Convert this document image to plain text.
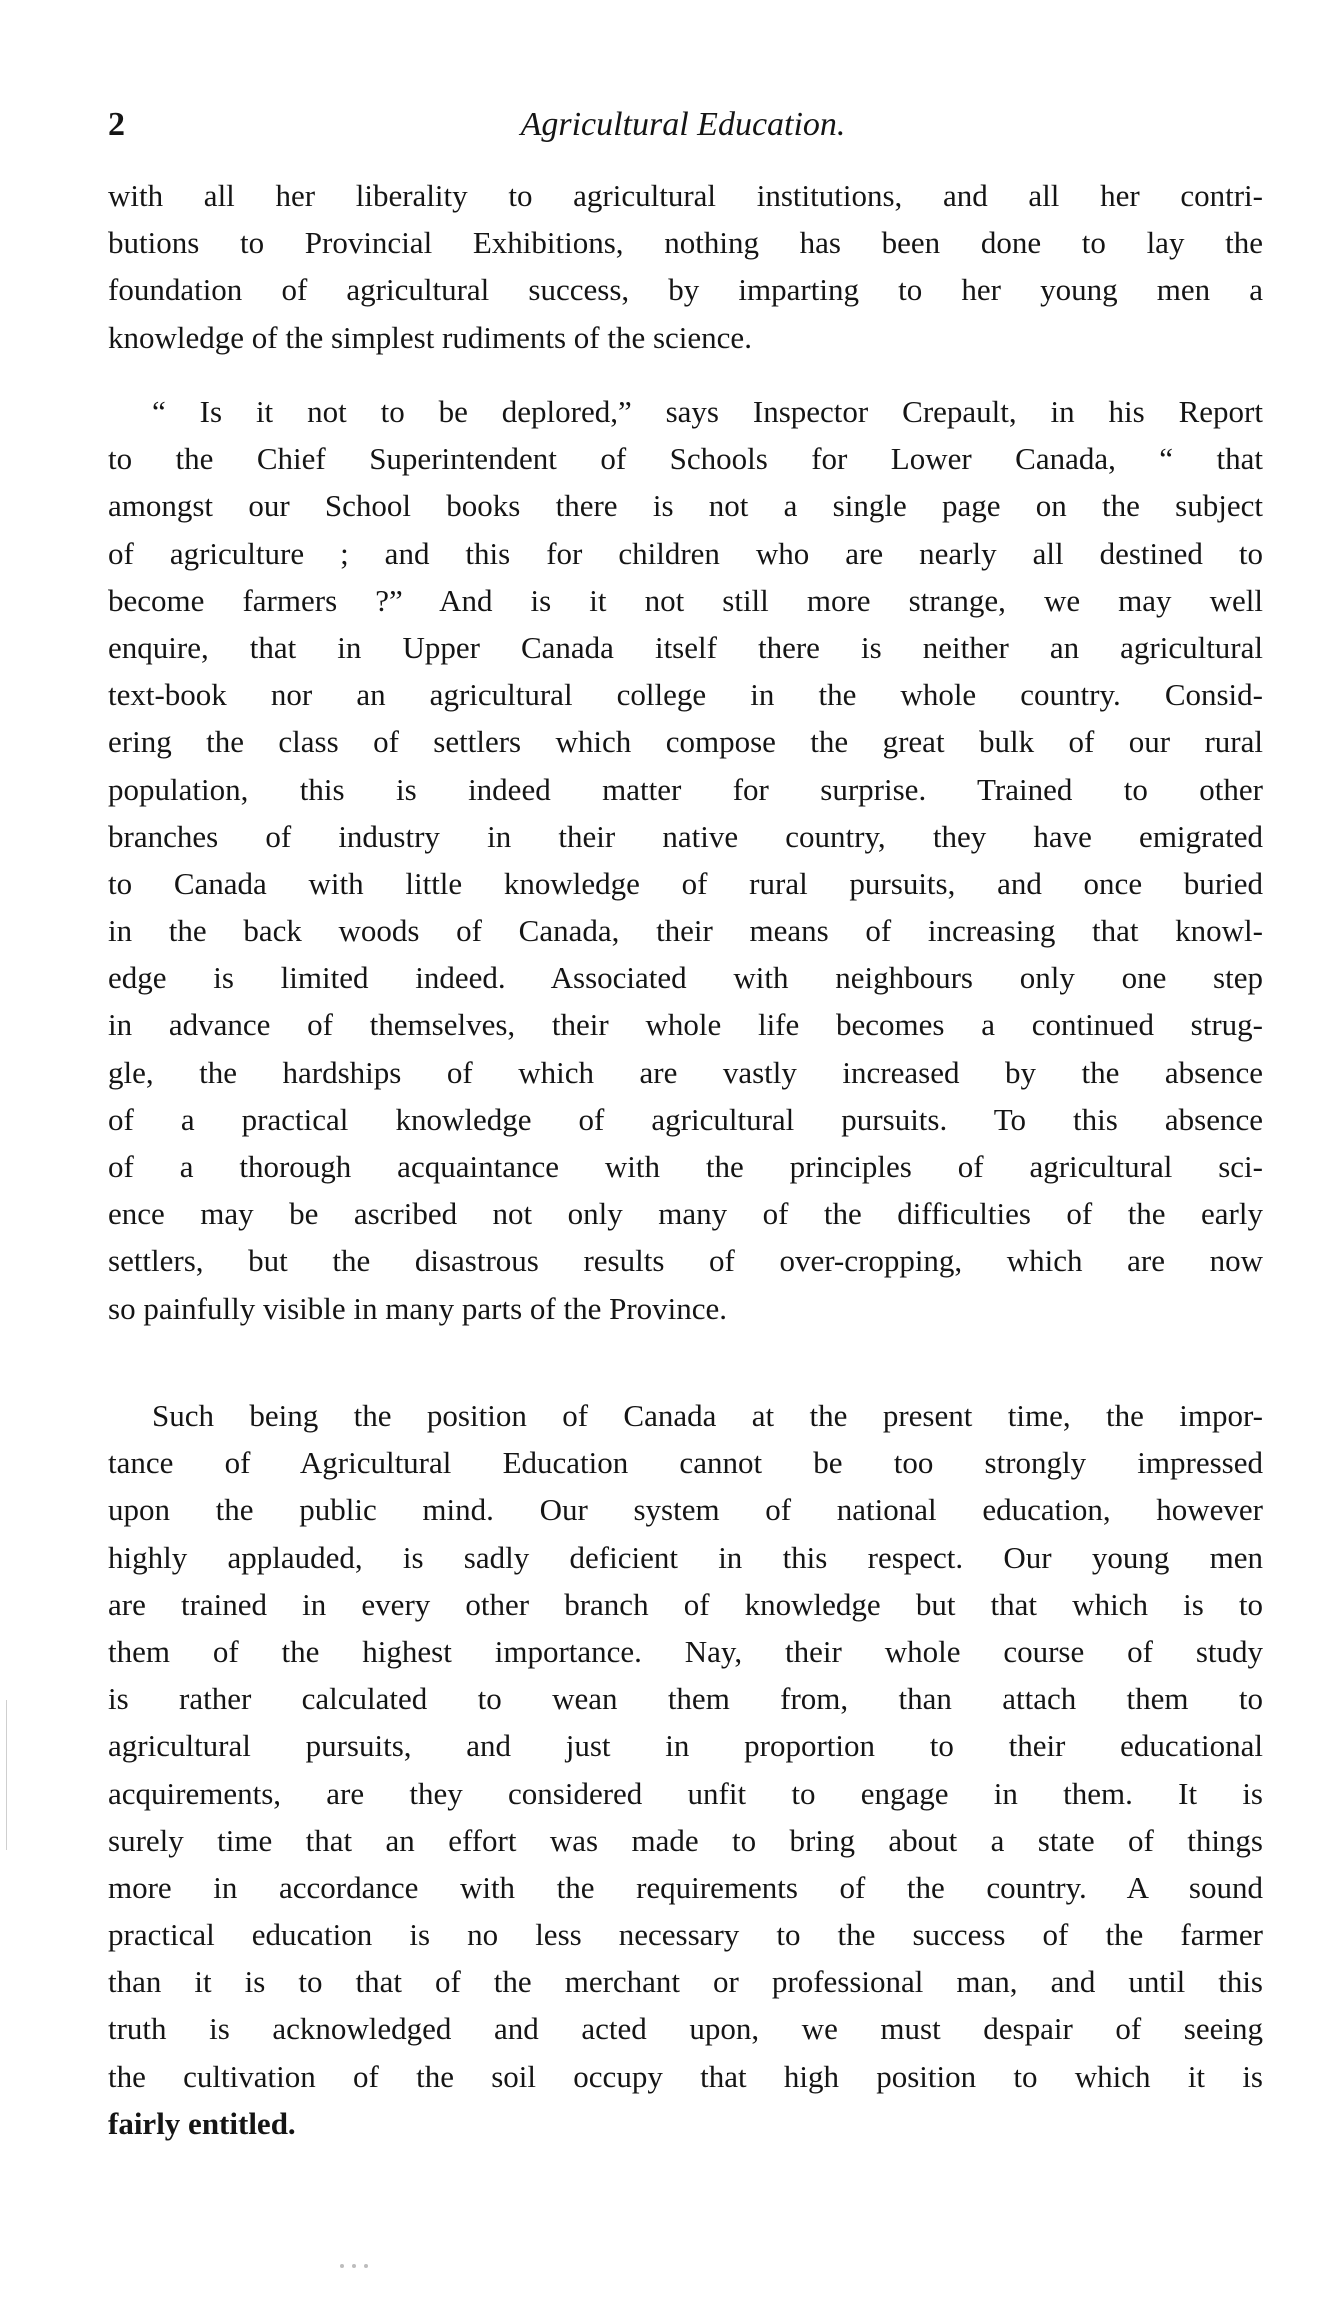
2	Agricultural Education.
with all her liberality to agricultural institutions, and all her contri-
butions to Provincial Exhibitions, nothing has been done to lay the
foundation of agricultural success, by imparting to her young men a
knowledge of the simplest rudiments of the science.
“ Is it not to be deplored,” says Inspector Crepault, in his Report
to the Chief Superintendent of Schools for Lower Canada, “ that
amongst our School books there is not a single page on the subject
of agriculture ; and this for children who are nearly all destined to
become farmers ?” And is it not still more strange, we may well
enquire, that in Upper Canada itself there is neither an agricultural
text-book nor an agricultural college in the whole country. Consid-
ering the class of settlers which compose the great bulk of our rural
population, this is indeed matter for surprise. Trained to other
branches of industry in their native country, they have emigrated
to Canada with little knowledge of rural pursuits, and once buried
in the back woods of Canada, their means of increasing that knowl-
edge is limited indeed. Associated with neighbours only one step
in advance of themselves, their whole life becomes a continued strug-
gle, the hardships of which are vastly increased by the absence
of a practical knowledge of agricultural pursuits. To this absence
of a thorough acquaintance with the principles of agricultural sci-
ence may be ascribed not only many of the difficulties of the early
settlers, but the disastrous results of over-cropping, which are now
so painfully visible in many parts of the Province.
Such being the position of Canada at the present time, the impor-
tance of Agricultural Education cannot be too strongly impressed
upon the public mind. Our system of national education, however
highly applauded, is sadly deficient in this respect. Our young men
are trained in every other branch of knowledge but that which is to
them of the highest importance. Nay, their whole course of study
is rather calculated to wean them from, than attach them to
agricultural pursuits, and just in proportion to their educational
acquirements, are they considered unfit to engage in them. It is
surely time that an effort was made to bring about a state of things
more in accordance with the requirements of the country. A sound
practical education is no less necessary to the success of the farmer
than it is to that of the merchant or professional man, and until this
truth is acknowledged and acted upon, we must despair of seeing
the cultivation of the soil occupy that high position to which it is
fairly entitled.
